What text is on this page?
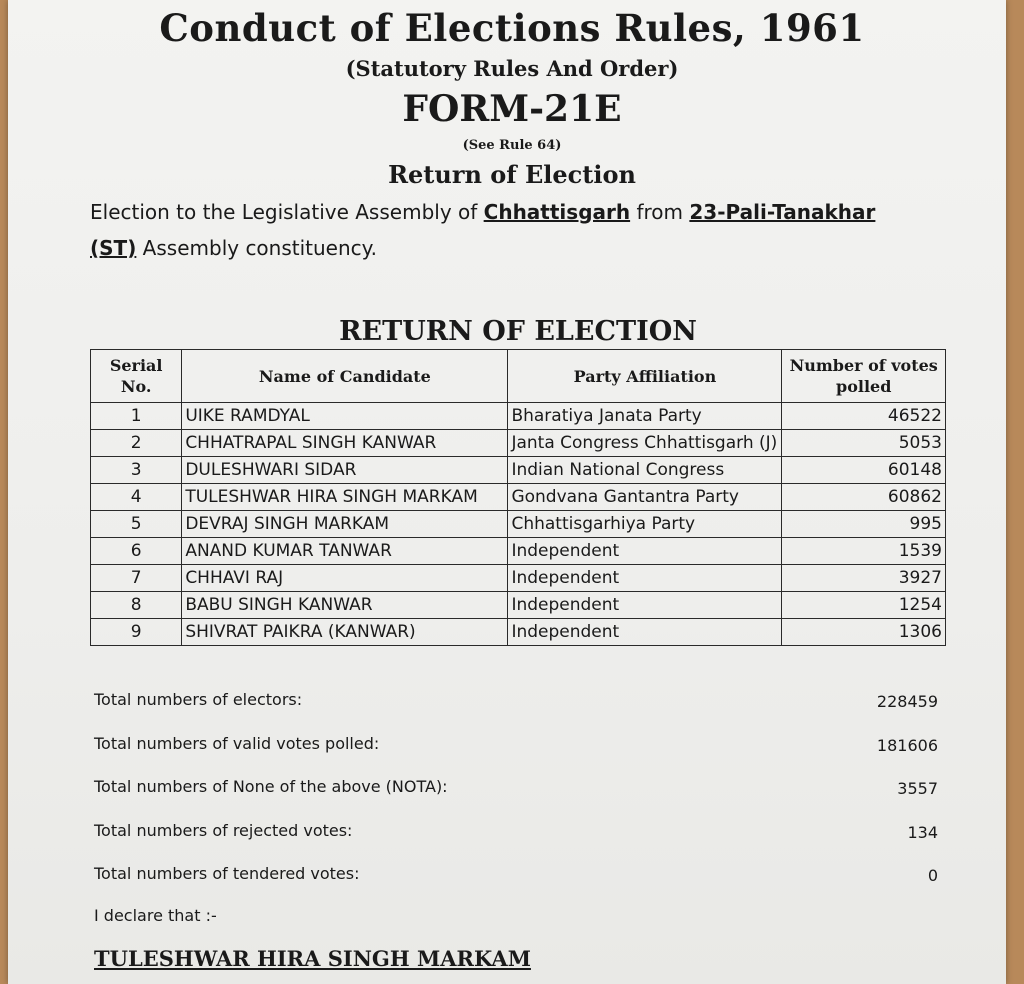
Conduct of Elections Rules, 1961
(Statutory Rules And Order)
FORM-21E
(See Rule 64)
Return of Election
Election to the Legislative Assembly of Chhattisgarh from 23-Pali-Tanakhar
(ST) Assembly constituency.
RETURN OF ELECTION
Serial No.	Name of Candidate	Party Affiliation	Number of votes polled
1	UIKE RAMDYAL	Bharatiya Janata Party	46522
2	CHHATRAPAL SINGH KANWAR	Janta Congress Chhattisgarh (J)	5053
3	DULESHWARI SIDAR	Indian National Congress	60148
4	TULESHWAR HIRA SINGH MARKAM	Gondvana Gantantra Party	60862
5	DEVRAJ SINGH MARKAM	Chhattisgarhiya Party	995
6	ANAND KUMAR TANWAR	Independent	1539
7	CHHAVI RAJ	Independent	3927
8	BABU SINGH KANWAR	Independent	1254
9	SHIVRAT PAIKRA (KANWAR)	Independent	1306
Total numbers of electors:	228459
Total numbers of valid votes polled:	181606
Total numbers of None of the above (NOTA):	3557
Total numbers of rejected votes:	134
Total numbers of tendered votes:	0
I declare that :-
TULESHWAR HIRA SINGH MARKAM
